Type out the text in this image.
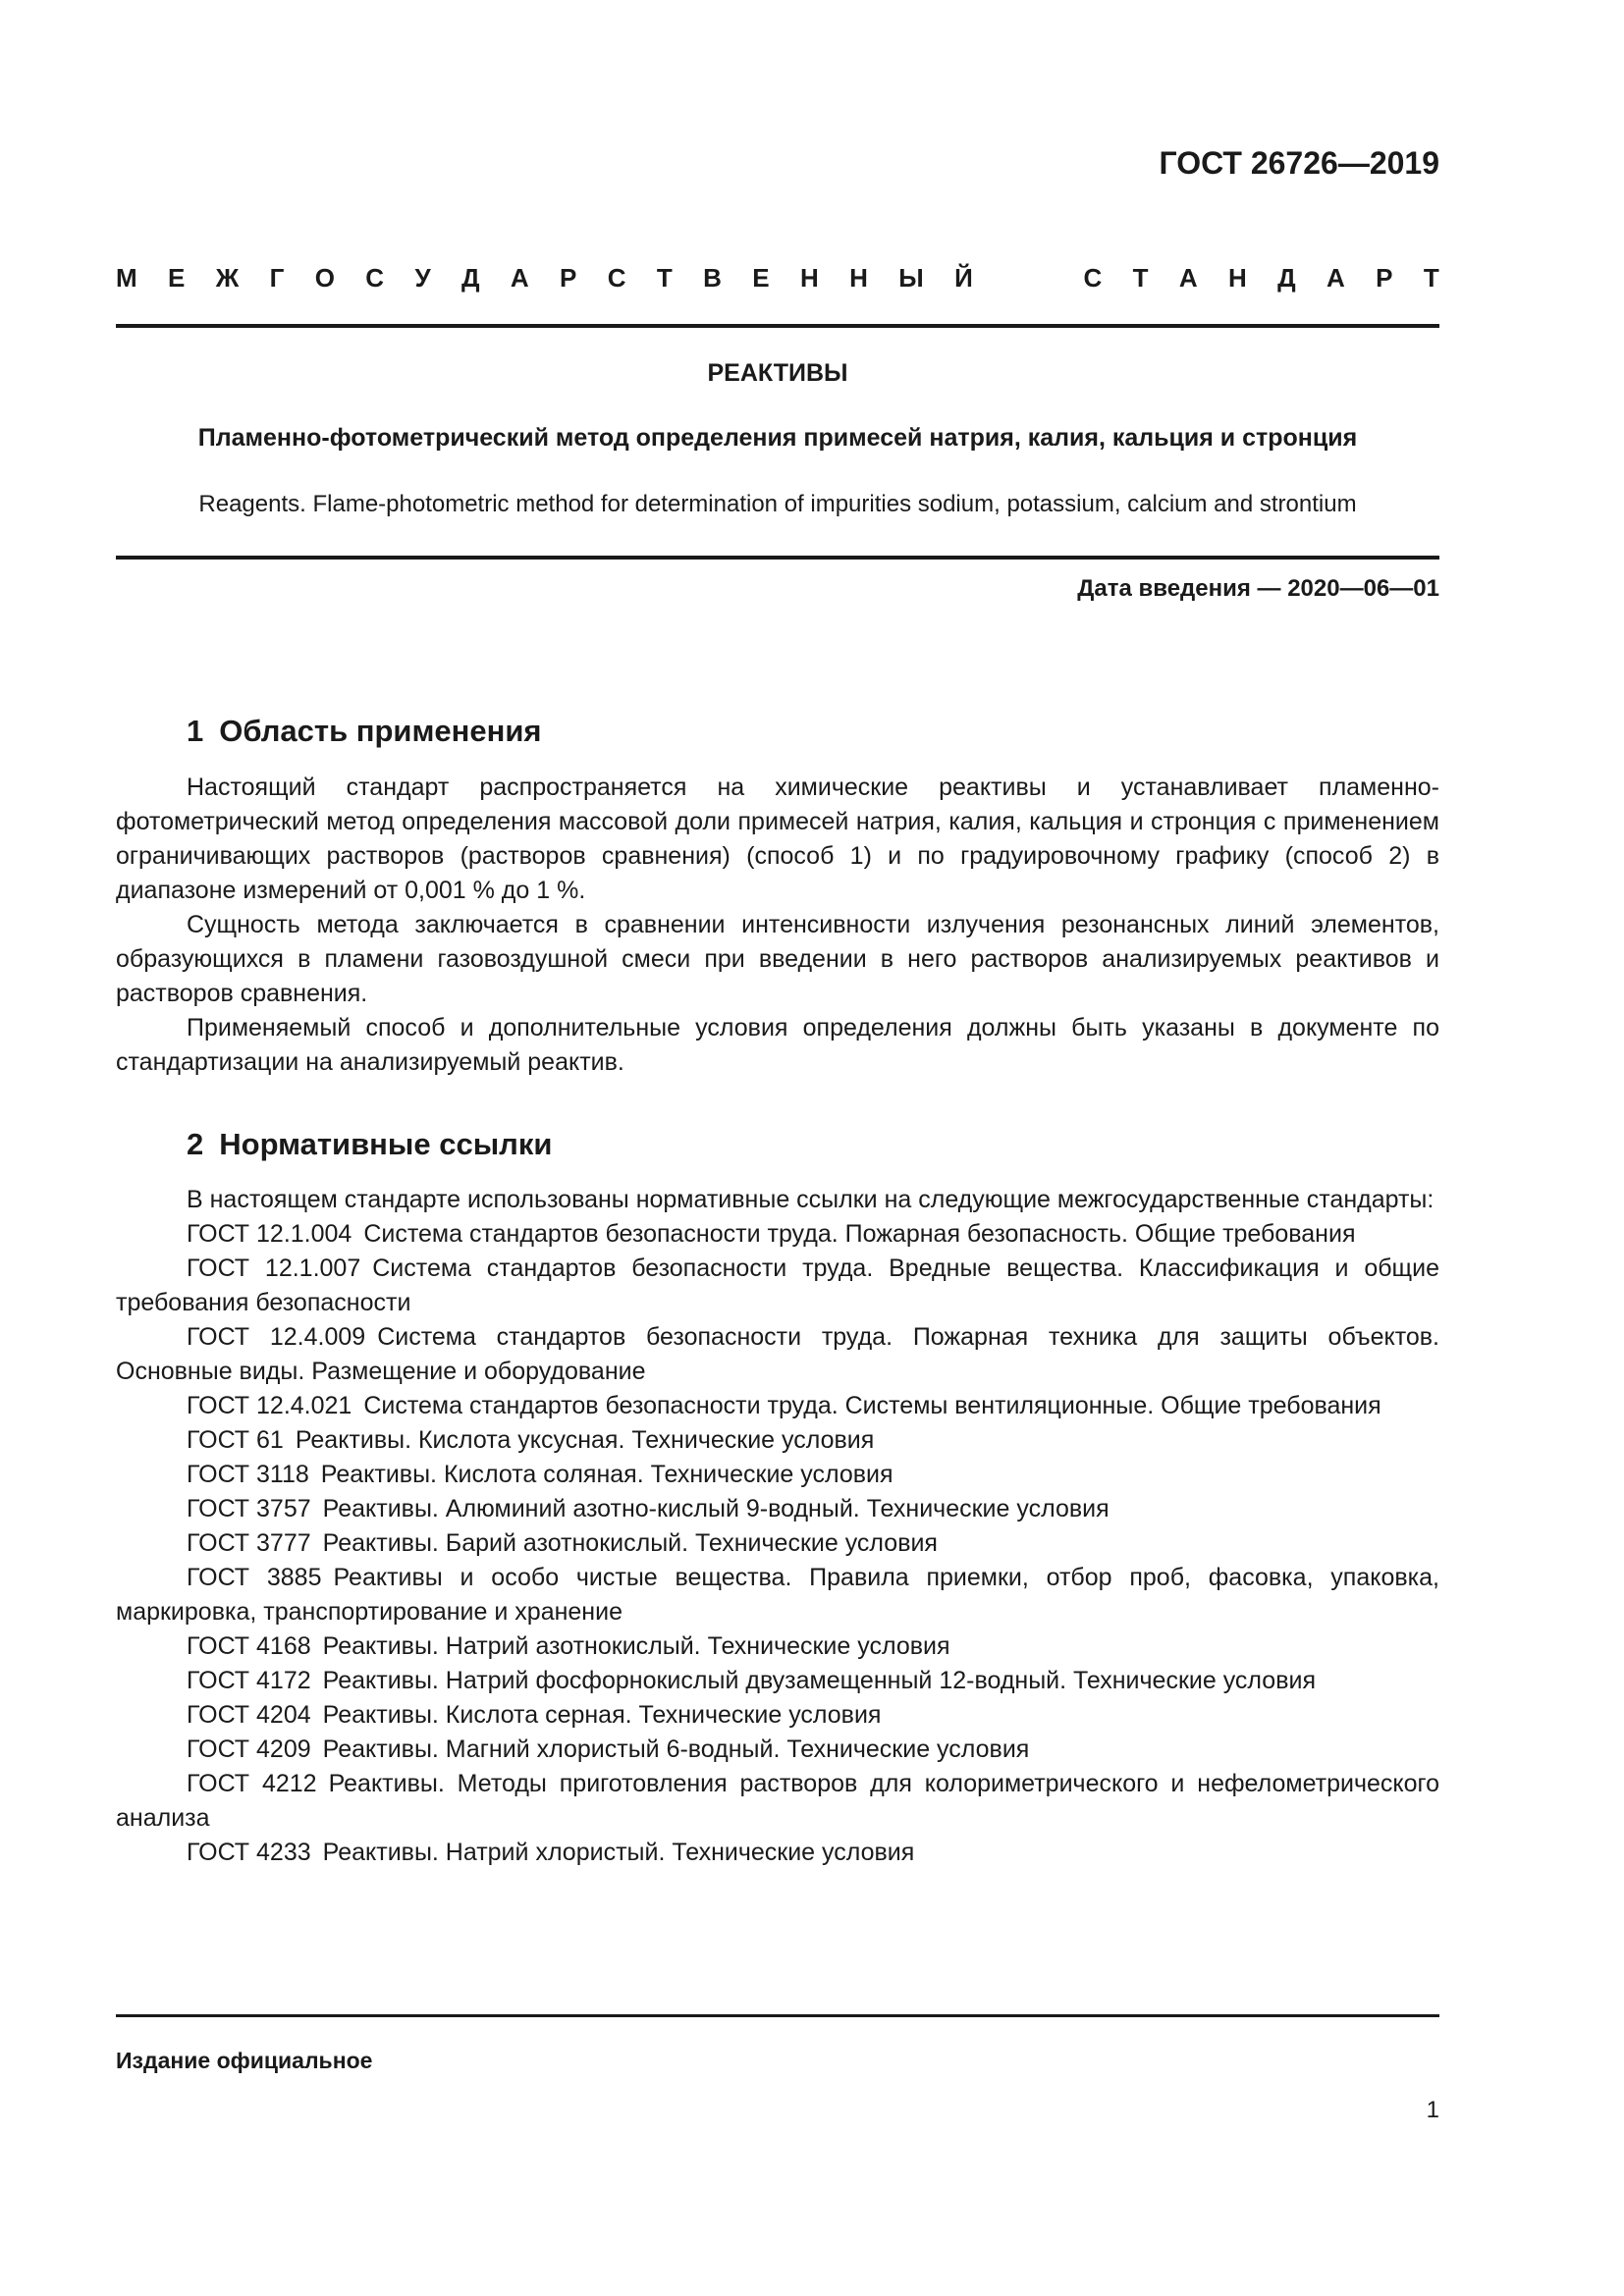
ГОСТ 26726—2019
М Е Ж Г О С У Д А Р С Т В Е Н Н Ы Й	С Т А Н Д А Р Т
РЕАКТИВЫ
Пламенно-фотометрический метод определения примесей натрия, калия, кальция и стронция
Reagents. Flame-photometric method for determination of impurities sodium, potassium, calcium and strontium
Дата введения — 2020—06—01
1 Область применения

Настоящий стандарт распространяется на химические реактивы и устанавливает пламенно-фотометрический метод определения массовой доли примесей натрия, калия, кальция и стронция с применением ограничивающих растворов (растворов сравнения) (способ 1) и по градуировочному графику (способ 2) в диапазоне измерений от 0,001 % до 1 %.

Сущность метода заключается в сравнении интенсивности излучения резонансных линий элементов, образующихся в пламени газовоздушной смеси при введении в него растворов анализируемых реактивов и растворов сравнения.

Применяемый способ и дополнительные условия определения должны быть указаны в документе по стандартизации на анализируемый реактив.

2 Нормативные ссылки

В настоящем стандарте использованы нормативные ссылки на следующие межгосударственные стандарты:

ГОСТ 12.1.004 Система стандартов безопасности труда. Пожарная безопасность. Общие требования

ГОСТ 12.1.007 Система стандартов безопасности труда. Вредные вещества. Классификация и общие требования безопасности

ГОСТ 12.4.009 Система стандартов безопасности труда. Пожарная техника для защиты объектов. Основные виды. Размещение и оборудование

ГОСТ 12.4.021 Система стандартов безопасности труда. Системы вентиляционные. Общие требования

ГОСТ 61 Реактивы. Кислота уксусная. Технические условия

ГОСТ 3118 Реактивы. Кислота соляная. Технические условия

ГОСТ 3757 Реактивы. Алюминий азотно-кислый 9-водный. Технические условия

ГОСТ 3777 Реактивы. Барий азотнокислый. Технические условия

ГОСТ 3885 Реактивы и особо чистые вещества. Правила приемки, отбор проб, фасовка, упаковка, маркировка, транспортирование и хранение

ГОСТ 4168 Реактивы. Натрий азотнокислый. Технические условия

ГОСТ 4172 Реактивы. Натрий фосфорнокислый двузамещенный 12-водный. Технические условия

ГОСТ 4204 Реактивы. Кислота серная. Технические условия

ГОСТ 4209 Реактивы. Магний хлористый 6-водный. Технические условия

ГОСТ 4212 Реактивы. Методы приготовления растворов для колориметрического и нефелометрического анализа

ГОСТ 4233 Реактивы. Натрий хлористый. Технические условия

Издание официальное
1
